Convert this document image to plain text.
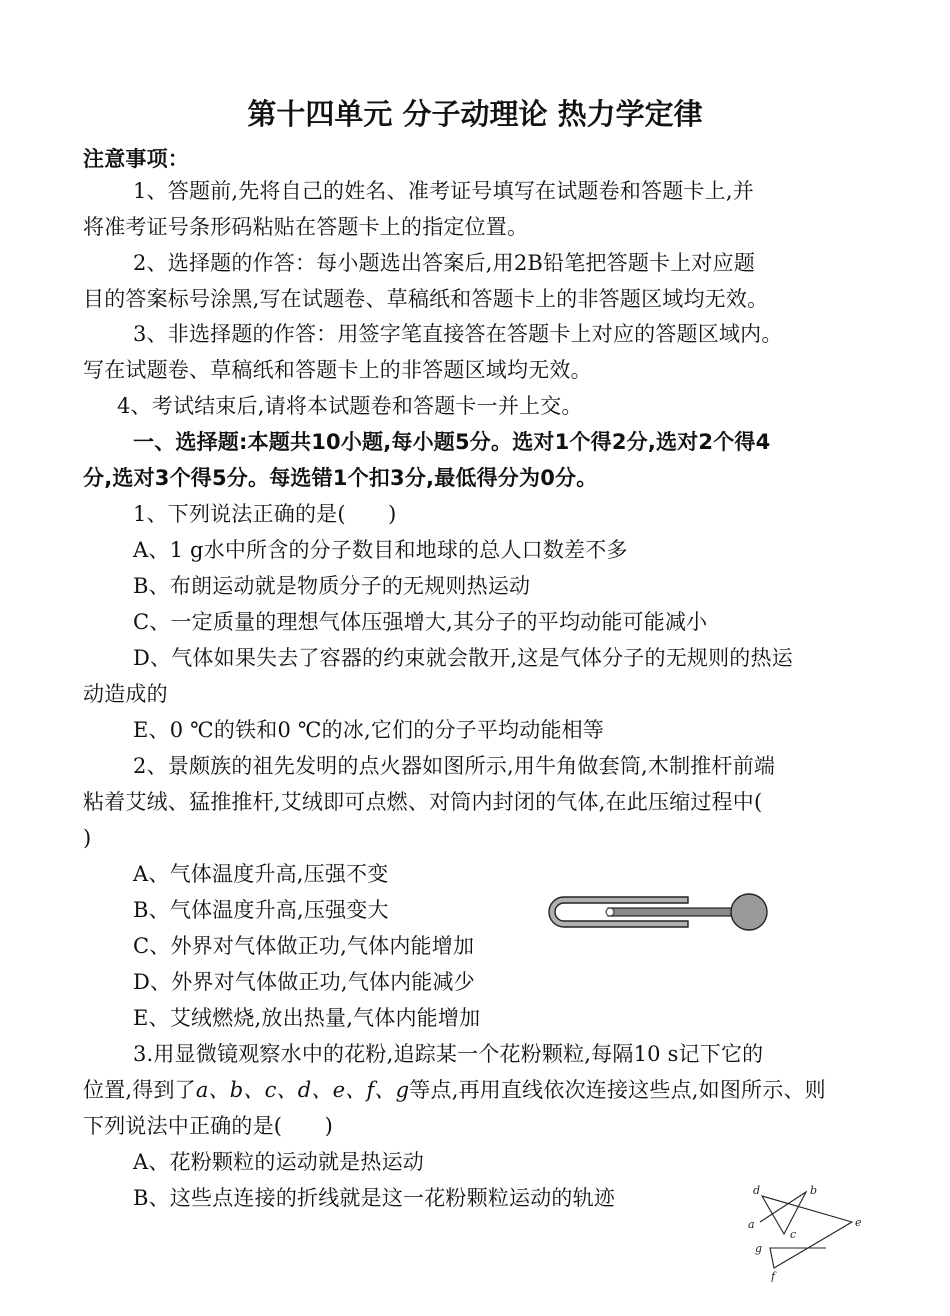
第十四单元 分子动理论 热力学定律
注意事项：
1、答题前,先将自己的姓名、准考证号填写在试题卷和答题卡上,并
将准考证号条形码粘贴在答题卡上的指定位置。
2、选择题的作答：每小题选出答案后,用2B铅笔把答题卡上对应题
目的答案标号涂黑,写在试题卷、草稿纸和答题卡上的非答题区域均无效。
3、非选择题的作答：用签字笔直接答在答题卡上对应的答题区域内。
写在试题卷、草稿纸和答题卡上的非答题区域均无效。
4、考试结束后,请将本试题卷和答题卡一并上交。
一、选择题:本题共10小题,每小题5分。选对1个得2分,选对2个得4
分,选对3个得5分。每选错1个扣3分,最低得分为0分。
1、下列说法正确的是(　　)
A、1 g水中所含的分子数目和地球的总人口数差不多
B、布朗运动就是物质分子的无规则热运动
C、一定质量的理想气体压强增大,其分子的平均动能可能减小
D、气体如果失去了容器的约束就会散开,这是气体分子的无规则的热运
动造成的
E、0 ℃的铁和0 ℃的冰,它们的分子平均动能相等
2、景颇族的祖先发明的点火器如图所示,用牛角做套筒,木制推杆前端
粘着艾绒、猛推推杆,艾绒即可点燃、对筒内封闭的气体,在此压缩过程中(
)
A、气体温度升高,压强不变
B、气体温度升高,压强变大
C、外界对气体做正功,气体内能增加
D、外界对气体做正功,气体内能减少
E、艾绒燃烧,放出热量,气体内能增加
3.用显微镜观察水中的花粉,追踪某一个花粉颗粒,每隔10 s记下它的
位置,得到了a、b、c、d、e、f、g等点,再用直线依次连接这些点,如图所示、则
下列说法中正确的是(　　)
A、花粉颗粒的运动就是热运动
B、这些点连接的折线就是这一花粉颗粒运动的轨迹
a
b
c
d
e
f
g
